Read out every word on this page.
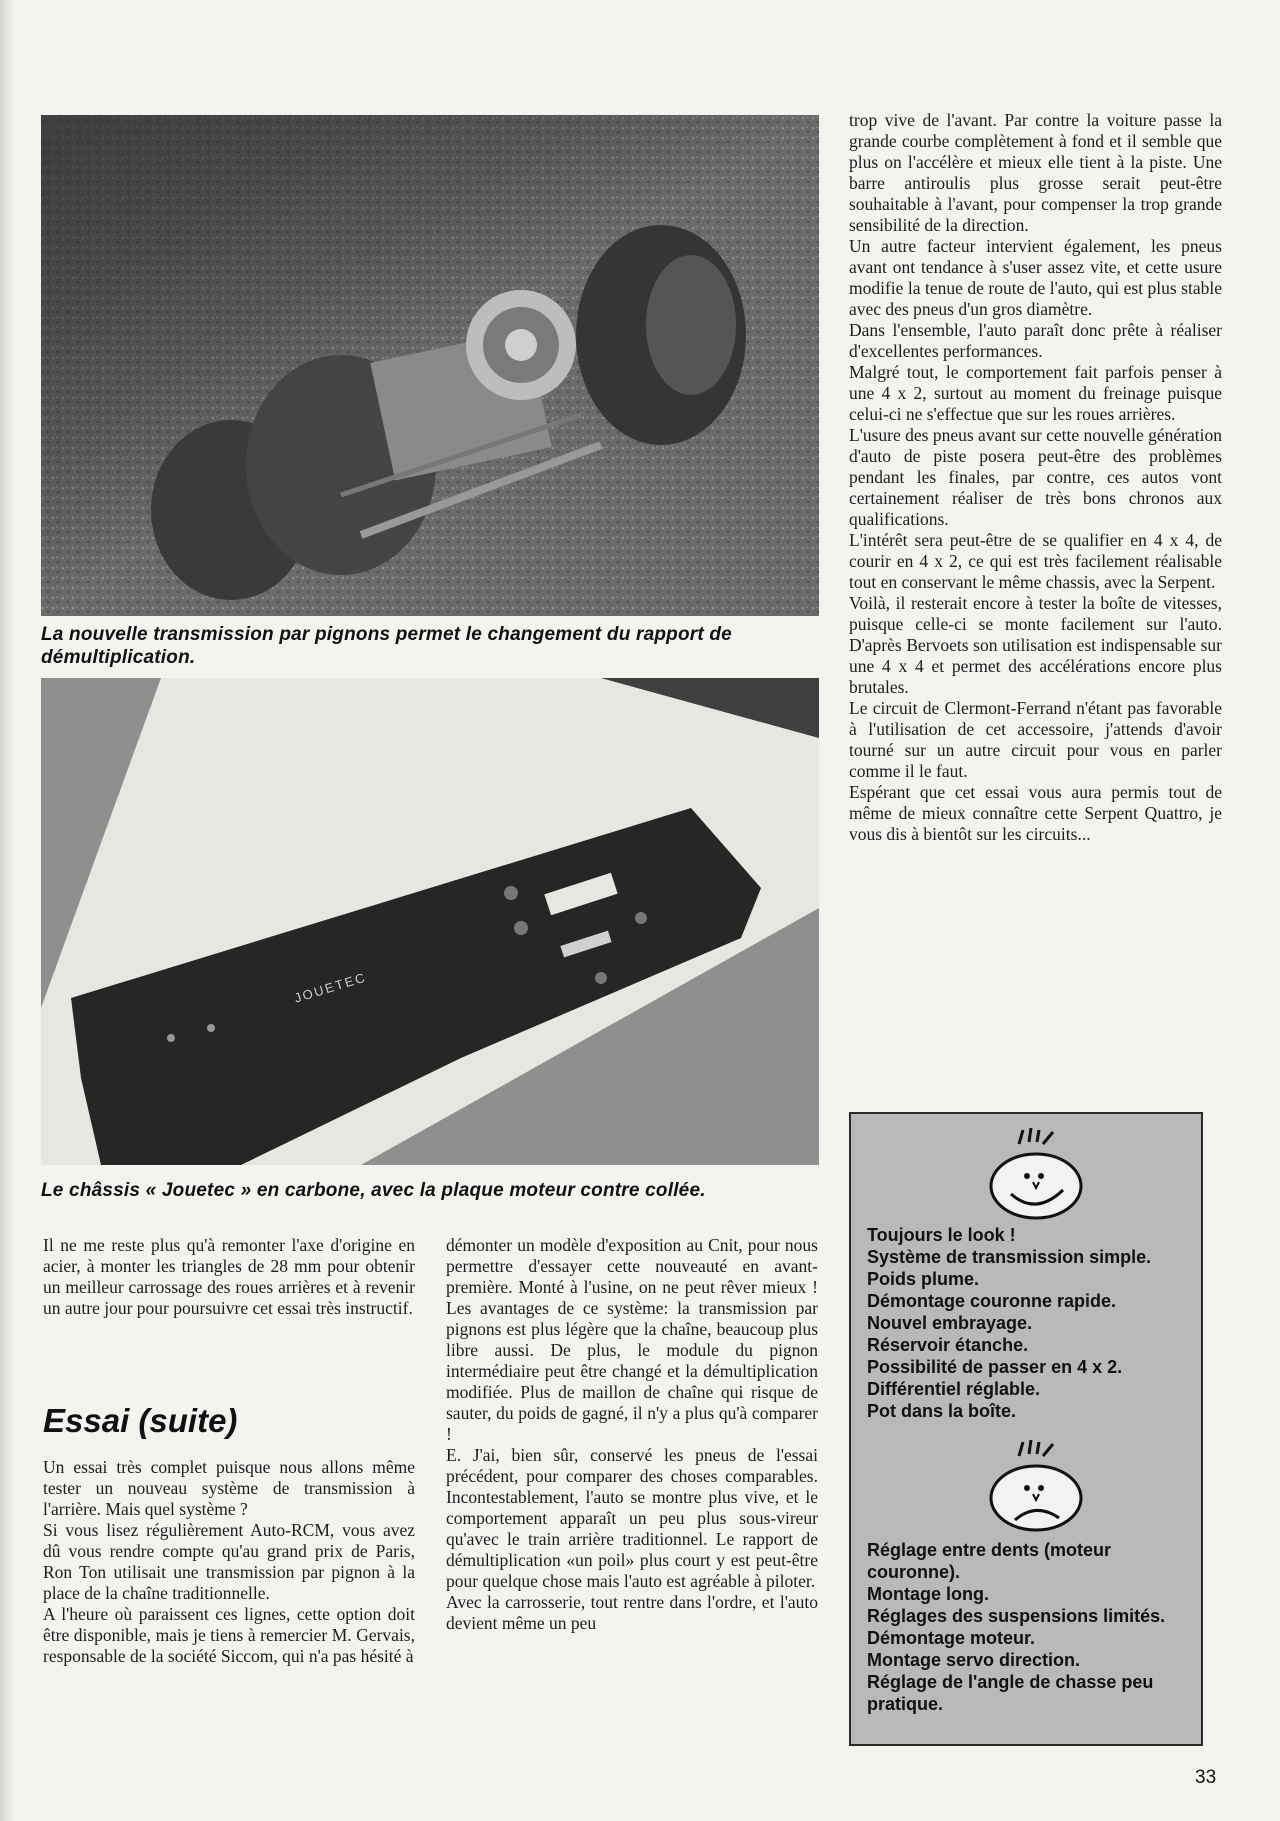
La nouvelle transmission par pignons permet le changement du rapport de démultiplication.
JOUETEC
Le châssis « Jouetec » en carbone, avec la plaque moteur contre collée.

Il ne me reste plus qu'à remonter l'axe d'origine en acier, à monter les triangles de 28 mm pour obtenir un meilleur carrossage des roues arrières et à revenir un autre jour pour poursuivre cet essai très instructif.

Essai (suite)

Un essai très complet puisque nous allons même tester un nouveau système de transmission à l'arrière. Mais quel système ?

Si vous lisez régulièrement Auto-RCM, vous avez dû vous rendre compte qu'au grand prix de Paris, Ron Ton utilisait une transmission par pignon à la place de la chaîne traditionnelle.

A l'heure où paraissent ces lignes, cette option doit être disponible, mais je tiens à remercier M. Gervais, responsable de la société Siccom, qui n'a pas hésité à

démonter un modèle d'exposition au Cnit, pour nous permettre d'essayer cette nouveauté en avant-première. Monté à l'usine, on ne peut rêver mieux ! Les avantages de ce système: la transmission par pignons est plus légère que la chaîne, beaucoup plus libre aussi. De plus, le module du pignon intermédiaire peut être changé et la démultiplication modifiée. Plus de maillon de chaîne qui risque de sauter, du poids de gagné, il n'y a plus qu'à comparer !

E. J'ai, bien sûr, conservé les pneus de l'essai précédent, pour comparer des choses comparables. Incontestablement, l'auto se montre plus vive, et le comportement apparaît un peu plus sous-vireur qu'avec le train arrière traditionnel. Le rapport de démultiplication «un poil» plus court y est peut-être pour quelque chose mais l'auto est agréable à piloter.

Avec la carrosserie, tout rentre dans l'ordre, et l'auto devient même un peu

trop vive de l'avant. Par contre la voiture passe la grande courbe complètement à fond et il semble que plus on l'accélère et mieux elle tient à la piste. Une barre antiroulis plus grosse serait peut-être souhaitable à l'avant, pour compenser la trop grande sensibilité de la direction.

Un autre facteur intervient également, les pneus avant ont tendance à s'user assez vite, et cette usure modifie la tenue de route de l'auto, qui est plus stable avec des pneus d'un gros diamètre.

Dans l'ensemble, l'auto paraît donc prête à réaliser d'excellentes performances.

Malgré tout, le comportement fait parfois penser à une 4 x 2, surtout au moment du freinage puisque celui-ci ne s'effectue que sur les roues arrières.

L'usure des pneus avant sur cette nouvelle génération d'auto de piste posera peut-être des problèmes pendant les finales, par contre, ces autos vont certainement réaliser de très bons chronos aux qualifications.

L'intérêt sera peut-être de se qualifier en 4 x 4, de courir en 4 x 2, ce qui est très facilement réalisable tout en conservant le même chassis, avec la Serpent.

Voilà, il resterait encore à tester la boîte de vitesses, puisque celle-ci se monte facilement sur l'auto. D'après Bervoets son utilisation est indispensable sur une 4 x 4 et permet des accélérations encore plus brutales.

Le circuit de Clermont-Ferrand n'étant pas favorable à l'utilisation de cet accessoire, j'attends d'avoir tourné sur un autre circuit pour vous en parler comme il le faut.

Espérant que cet essai vous aura permis tout de même de mieux connaître cette Serpent Quattro, je vous dis à bientôt sur les circuits...

Toujours le look !
Système de transmission simple.
Poids plume.
Démontage couronne rapide.
Nouvel embrayage.
Réservoir étanche.
Possibilité de passer en 4 x 2.
Différentiel réglable.
Pot dans la boîte.
Réglage entre dents (moteur couronne).
Montage long.
Réglages des suspensions limités.
Démontage moteur.
Montage servo direction.
Réglage de l'angle de chasse peu pratique.
33
